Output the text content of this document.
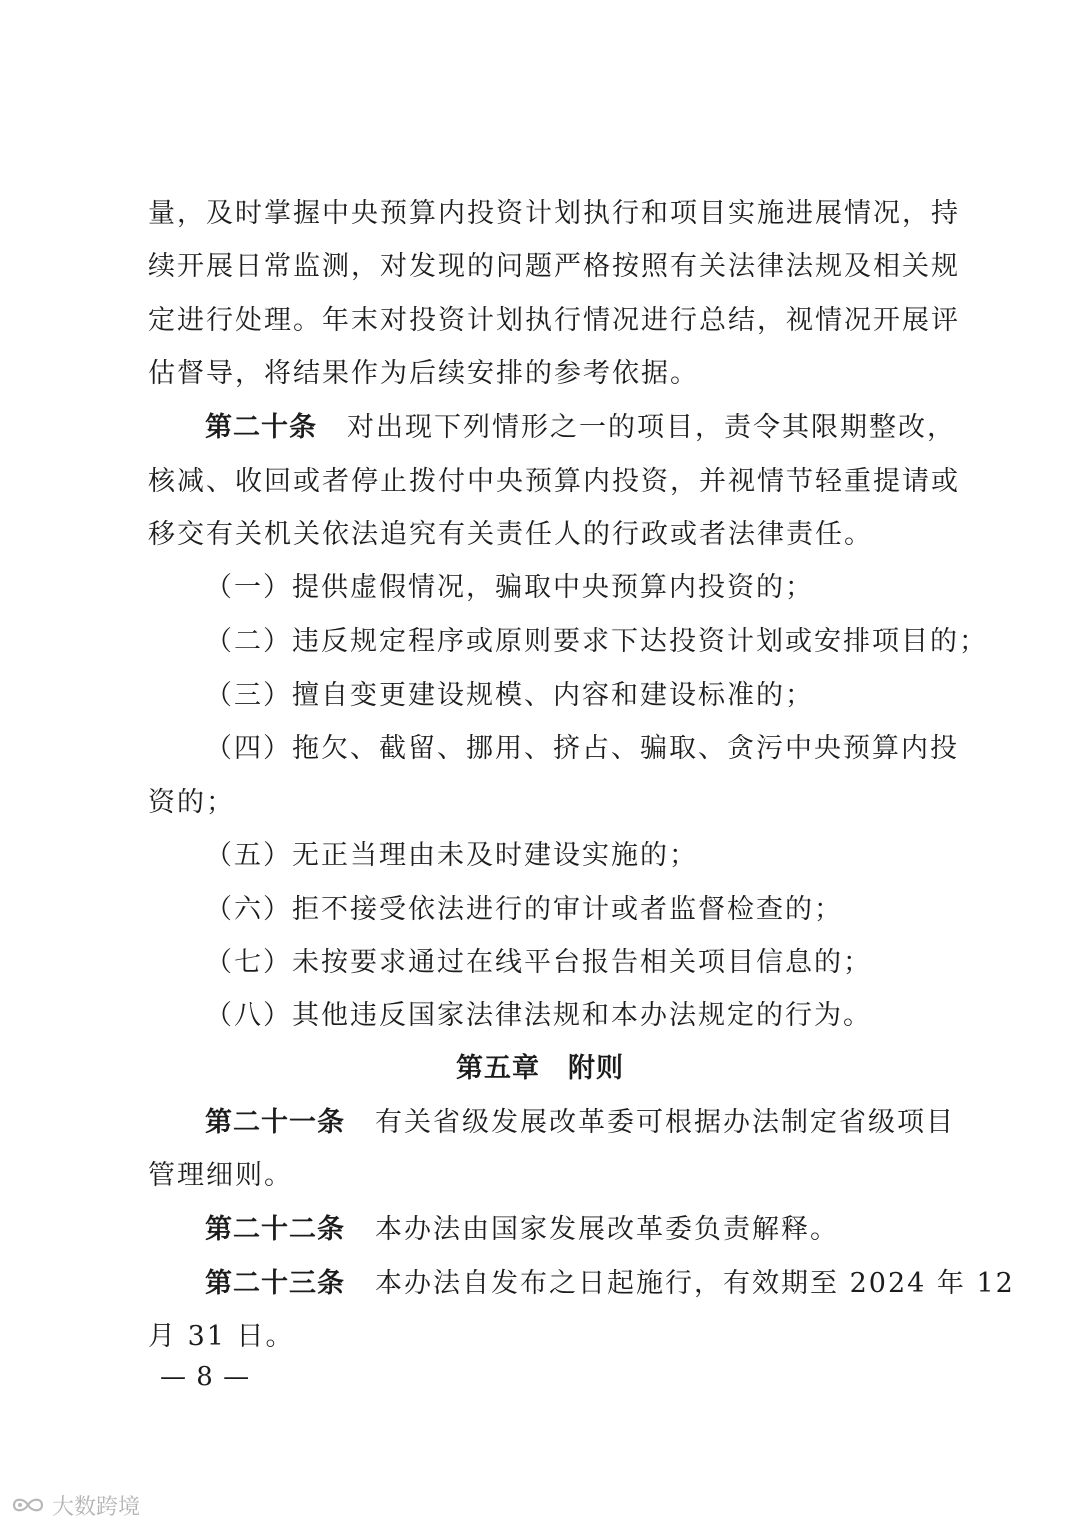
量，及时掌握中央预算内投资计划执行和项目实施进展情况，持
续开展日常监测，对发现的问题严格按照有关法律法规及相关规
定进行处理。年末对投资计划执行情况进行总结，视情况开展评
估督导，将结果作为后续安排的参考依据。
第二十条 对出现下列情形之一的项目，责令其限期整改，
核减、收回或者停止拨付中央预算内投资，并视情节轻重提请或
移交有关机关依法追究有关责任人的行政或者法律责任。
（一）提供虚假情况，骗取中央预算内投资的；
（二）违反规定程序或原则要求下达投资计划或安排项目的；
（三）擅自变更建设规模、内容和建设标准的；
（四）拖欠、截留、挪用、挤占、骗取、贪污中央预算内投
资的；
（五）无正当理由未及时建设实施的；
（六）拒不接受依法进行的审计或者监督检查的；
（七）未按要求通过在线平台报告相关项目信息的；
（八）其他违反国家法律法规和本办法规定的行为。
第五章　附则
第二十一条 有关省级发展改革委可根据办法制定省级项目
管理细则。
第二十二条 本办法由国家发展改革委负责解释。
第二十三条 本办法自发布之日起施行，有效期至 2024 年 12
月 31 日。
— 8 —
大数跨境
